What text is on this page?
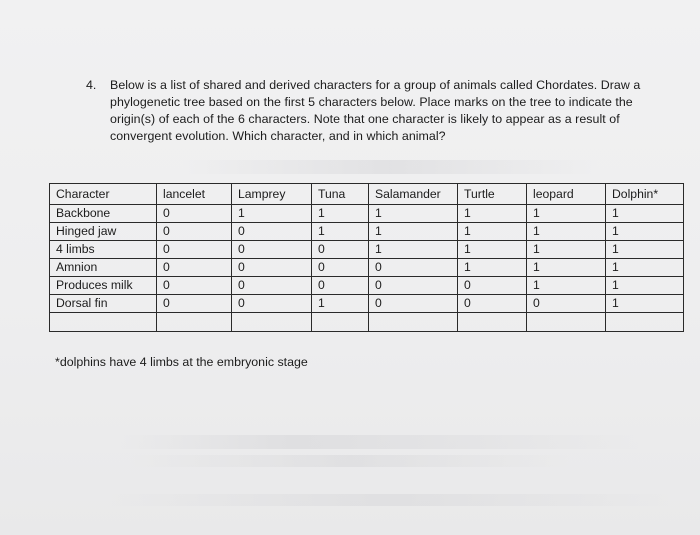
4.	Below is a list of shared and derived characters for a group of animals called Chordates. Draw a
phylogenetic tree based on the first 5 characters below. Place marks on the tree to indicate the
origin(s) of each of the 6 characters. Note that one character is likely to appear as a result of
convergent evolution. Which character, and in which animal?
Character	lancelet	Lamprey	Tuna	Salamander	Turtle	leopard	Dolphin*
Backbone	0	1	1	1	1	1	1
Hinged jaw	0	0	1	1	1	1	1
4 limbs	0	0	0	1	1	1	1
Amnion	0	0	0	0	1	1	1
Produces milk	0	0	0	0	0	1	1
Dorsal fin	0	0	1	0	0	0	1

*dolphins have 4 limbs at the embryonic stage
